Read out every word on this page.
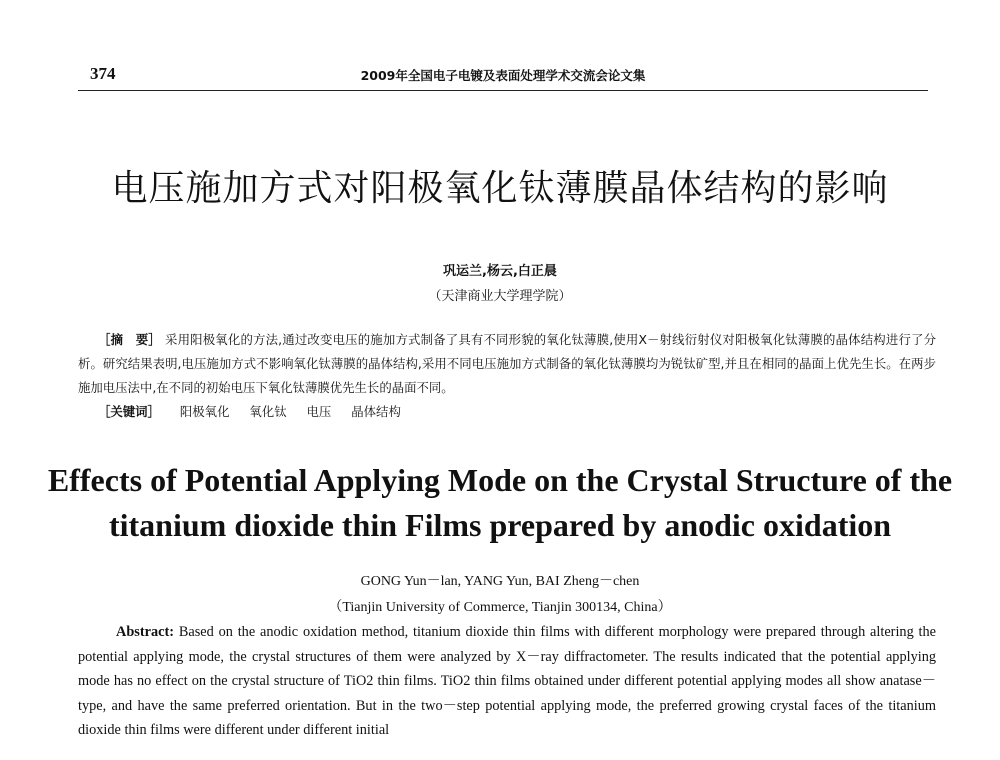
374	2009年全国电子电镀及表面处理学术交流会论文集
电压施加方式对阳极氧化钛薄膜晶体结构的影响
巩运兰,杨云,白正晨
（天津商业大学理学院）

［摘　要］ 采用阳极氧化的方法,通过改变电压的施加方式制备了具有不同形貌的氧化钛薄膜,使用X－射线衍射仪对阳极氧化钛薄膜的晶体结构进行了分析。研究结果表明,电压施加方式不影响氧化钛薄膜的晶体结构,采用不同电压施加方式制备的氧化钛薄膜均为锐钛矿型,并且在相同的晶面上优先生长。在两步施加电压法中,在不同的初始电压下氧化钛薄膜优先生长的晶面不同。

［关键词］ 阳极氧化 氧化钛 电压 晶体结构
Effects of Potential Applying Mode on the Crystal Structure of the
titanium dioxide thin Films prepared by anodic oxidation
GONG Yun－lan, YANG Yun, BAI Zheng－chen
（Tianjin University of Commerce, Tianjin 300134, China）

Abstract: Based on the anodic oxidation method, titanium dioxide thin films with different morphology were prepared through altering the potential applying mode, the crystal structures of them were analyzed by X－ray diffractometer. The results indicated that the potential applying mode has no effect on the crystal structure of TiO2 thin films. TiO2 thin films obtained under different potential applying modes all show anatase－type, and have the same preferred orientation. But in the two－step potential applying mode, the preferred growing crystal faces of the titanium dioxide thin films were different under different initial
